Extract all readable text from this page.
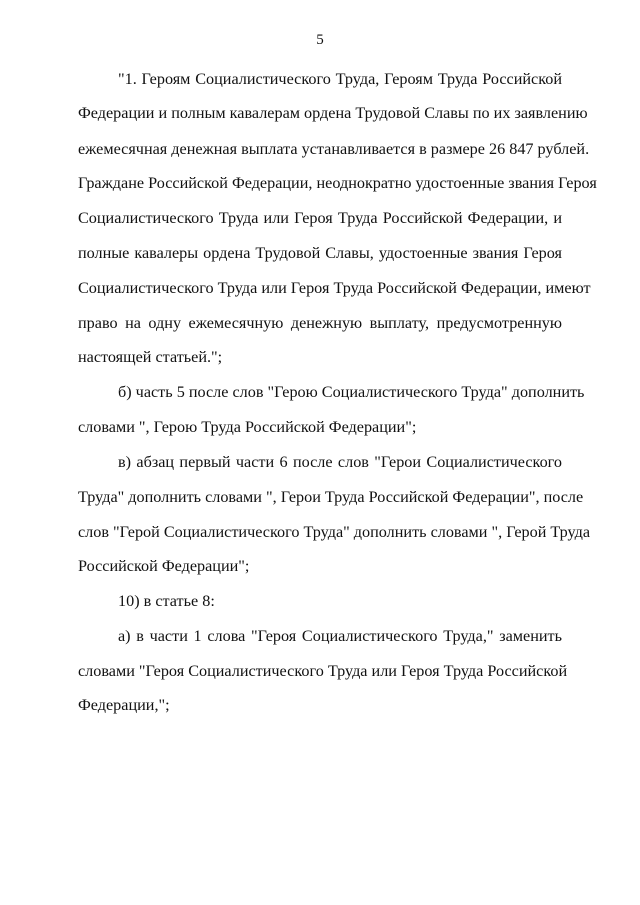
5
"1. Героям Социалистического Труда, Героям Труда Российской
Федерации и полным кавалерам ордена Трудовой Славы по их заявлению
ежемесячная денежная выплата устанавливается в размере 26 847 рублей.
Граждане Российской Федерации, неоднократно удостоенные звания Героя
Социалистического Труда или Героя Труда Российской Федерации, и
полные кавалеры ордена Трудовой Славы, удостоенные звания Героя
Социалистического Труда или Героя Труда Российской Федерации, имеют
право на одну ежемесячную денежную выплату, предусмотренную
настоящей статьей.";
б) часть 5 после слов "Герою Социалистического Труда" дополнить
словами ", Герою Труда Российской Федерации";
в) абзац первый части 6 после слов "Герои Социалистического
Труда" дополнить словами ", Герои Труда Российской Федерации", после
слов "Герой Социалистического Труда" дополнить словами ", Герой Труда
Российской Федерации";
10) в статье 8:
а) в части 1 слова "Героя Социалистического Труда," заменить
словами "Героя Социалистического Труда или Героя Труда Российской
Федерации,";
